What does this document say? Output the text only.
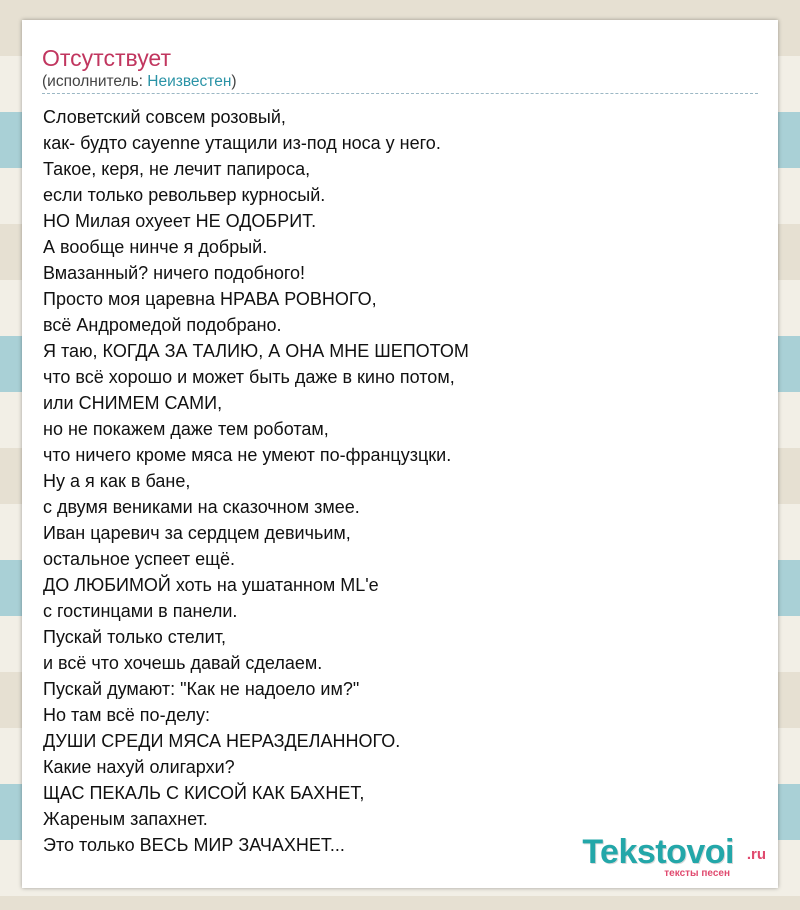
Отсутствует
(исполнитель: Неизвестен)
Словетский совсем розовый,
как- будто cayenne утащили из-под носа у него.
Такое, керя, не лечит папироса,
если только револьвер курносый.
НО Милая охуеет НЕ ОДОБРИТ.
А вообще нинче я добрый.
Вмазанный? ничего подобного!
Просто моя царевна НРАВА РОВНОГО,
всё Андромедой подобрано.
Я таю, КОГДА ЗА ТАЛИЮ, А ОНА МНЕ ШЕПОТОМ
что всё хорошо и может быть даже в кино потом,
или СНИМЕМ САМИ,
но не покажем даже тем роботам,
что ничего кроме мяса не умеют по-французцки.
Ну а я как в бане,
с двумя вениками на сказочном змее.
Иван царевич за сердцем девичьим,
остальное успеет ещё.
ДО ЛЮБИМОЙ хоть на ушатанном ML'е
с гостинцами в панели.
Пускай только стелит,
и всё что хочешь давай сделаем.
Пускай думают: "Как не надоело им?"
Но там всё по-делу:
ДУШИ СРЕДИ МЯСА НЕРАЗДЕЛАННОГО.
Какие нахуй олигархи?
ЩАС ПЕКАЛЬ С КИСОЙ КАК БАХНЕТ,
Жареным запахнет.
Это только ВЕСЬ МИР ЗАЧАХНЕТ...	Tekstovoi .ru
тексты песен
